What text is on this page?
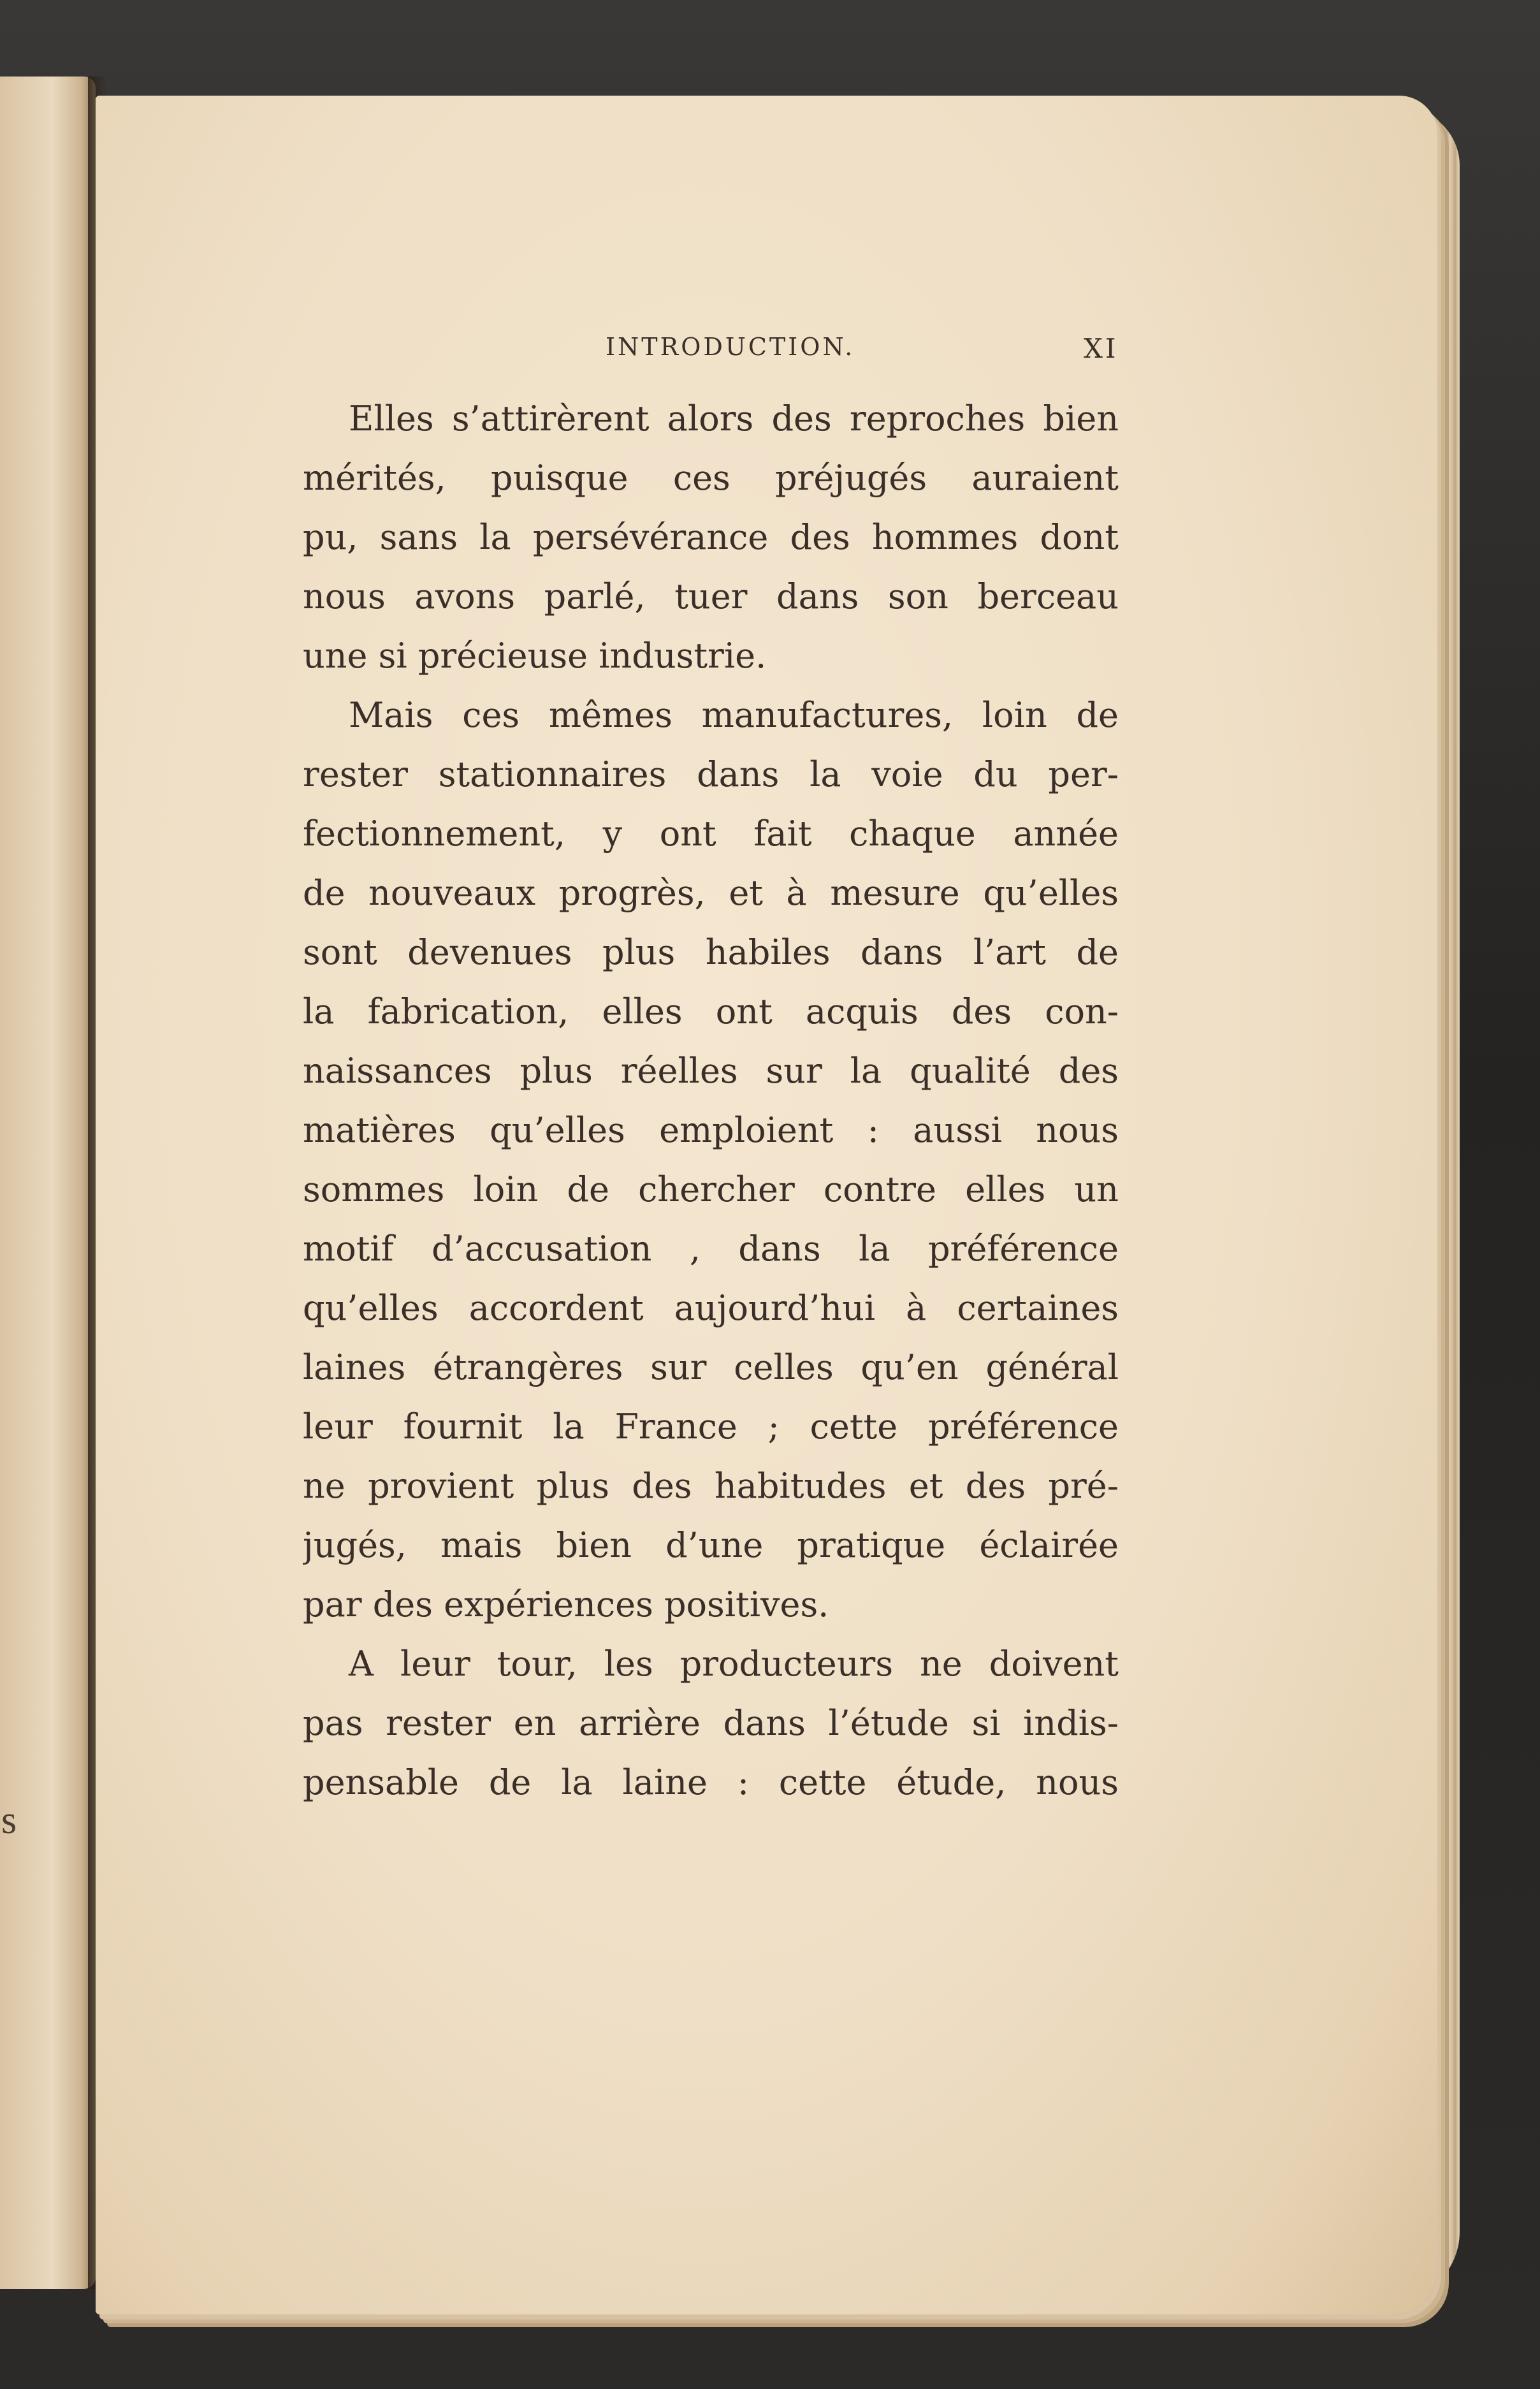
s
INTRODUCTION.	XI
Elles s’attirèrent alors des reproches bien
mérités, puisque ces préjugés auraient
pu, sans la persévérance des hommes dont
nous avons parlé, tuer dans son berceau
une si précieuse industrie.
Mais ces mêmes manufactures, loin de
rester stationnaires dans la voie du per-
fectionnement, y ont fait chaque année
de nouveaux progrès, et à mesure qu’elles
sont devenues plus habiles dans l’art de
la fabrication, elles ont acquis des con-
naissances plus réelles sur la qualité des
matières qu’elles emploient : aussi nous
sommes loin de chercher contre elles un
motif d’accusation , dans la préférence
qu’elles accordent aujourd’hui à certaines
laines étrangères sur celles qu’en général
leur fournit la France ; cette préférence
ne provient plus des habitudes et des pré-
jugés, mais bien d’une pratique éclairée
par des expériences positives.
A leur tour, les producteurs ne doivent
pas rester en arrière dans l’étude si indis-
pensable de la laine : cette étude, nous
